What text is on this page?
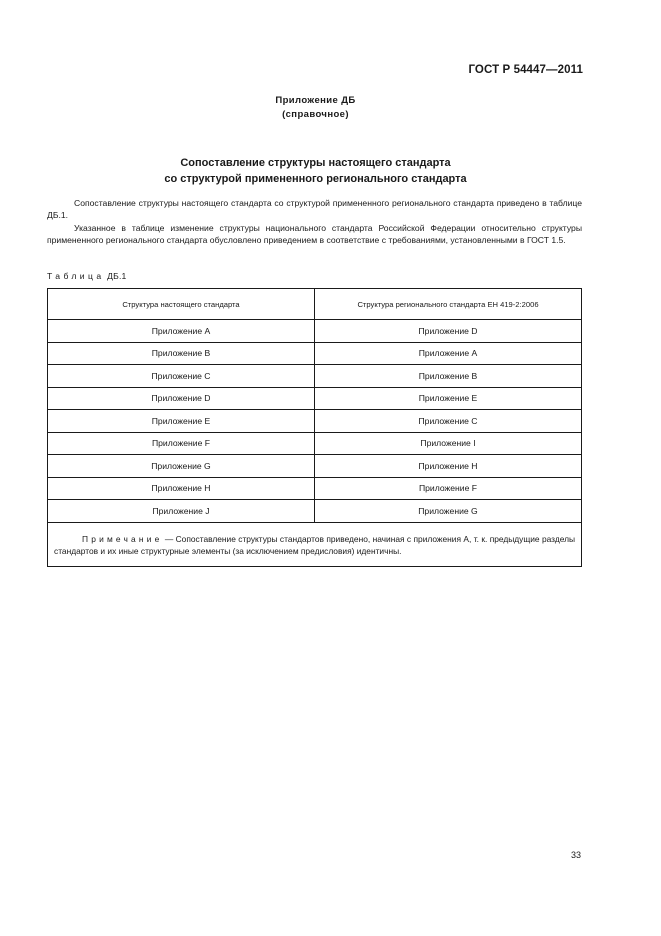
ГОСТ Р 54447—2011
Приложение ДБ
(справочное)
Сопоставление структуры настоящего стандарта
со структурой примененного регионального стандарта

Сопоставление структуры настоящего стандарта со структурой примененного регионального стандарта приведено в таблице ДБ.1.

Указанное в таблице изменение структуры национального стандарта Российской Федерации относительно структуры примененного регионального стандарта обусловлено приведением в соответствие с требованиями, установленными в ГОСТ 1.5.

Таблица ДБ.1
Структура настоящего стандарта	Структура регионального стандарта ЕН 419-2:2006
Приложение А	Приложение D
Приложение В	Приложение А
Приложение С	Приложение В
Приложение D	Приложение Е
Приложение Е	Приложение С
Приложение F	Приложение I
Приложение G	Приложение Н
Приложение Н	Приложение F
Приложение J	Приложение G
Примечание — Сопоставление структуры стандартов приведено, начиная с приложения А, т. к. предыдущие разделы стандартов и их иные структурные элементы (за исключением предисловия) идентичны.	
33
